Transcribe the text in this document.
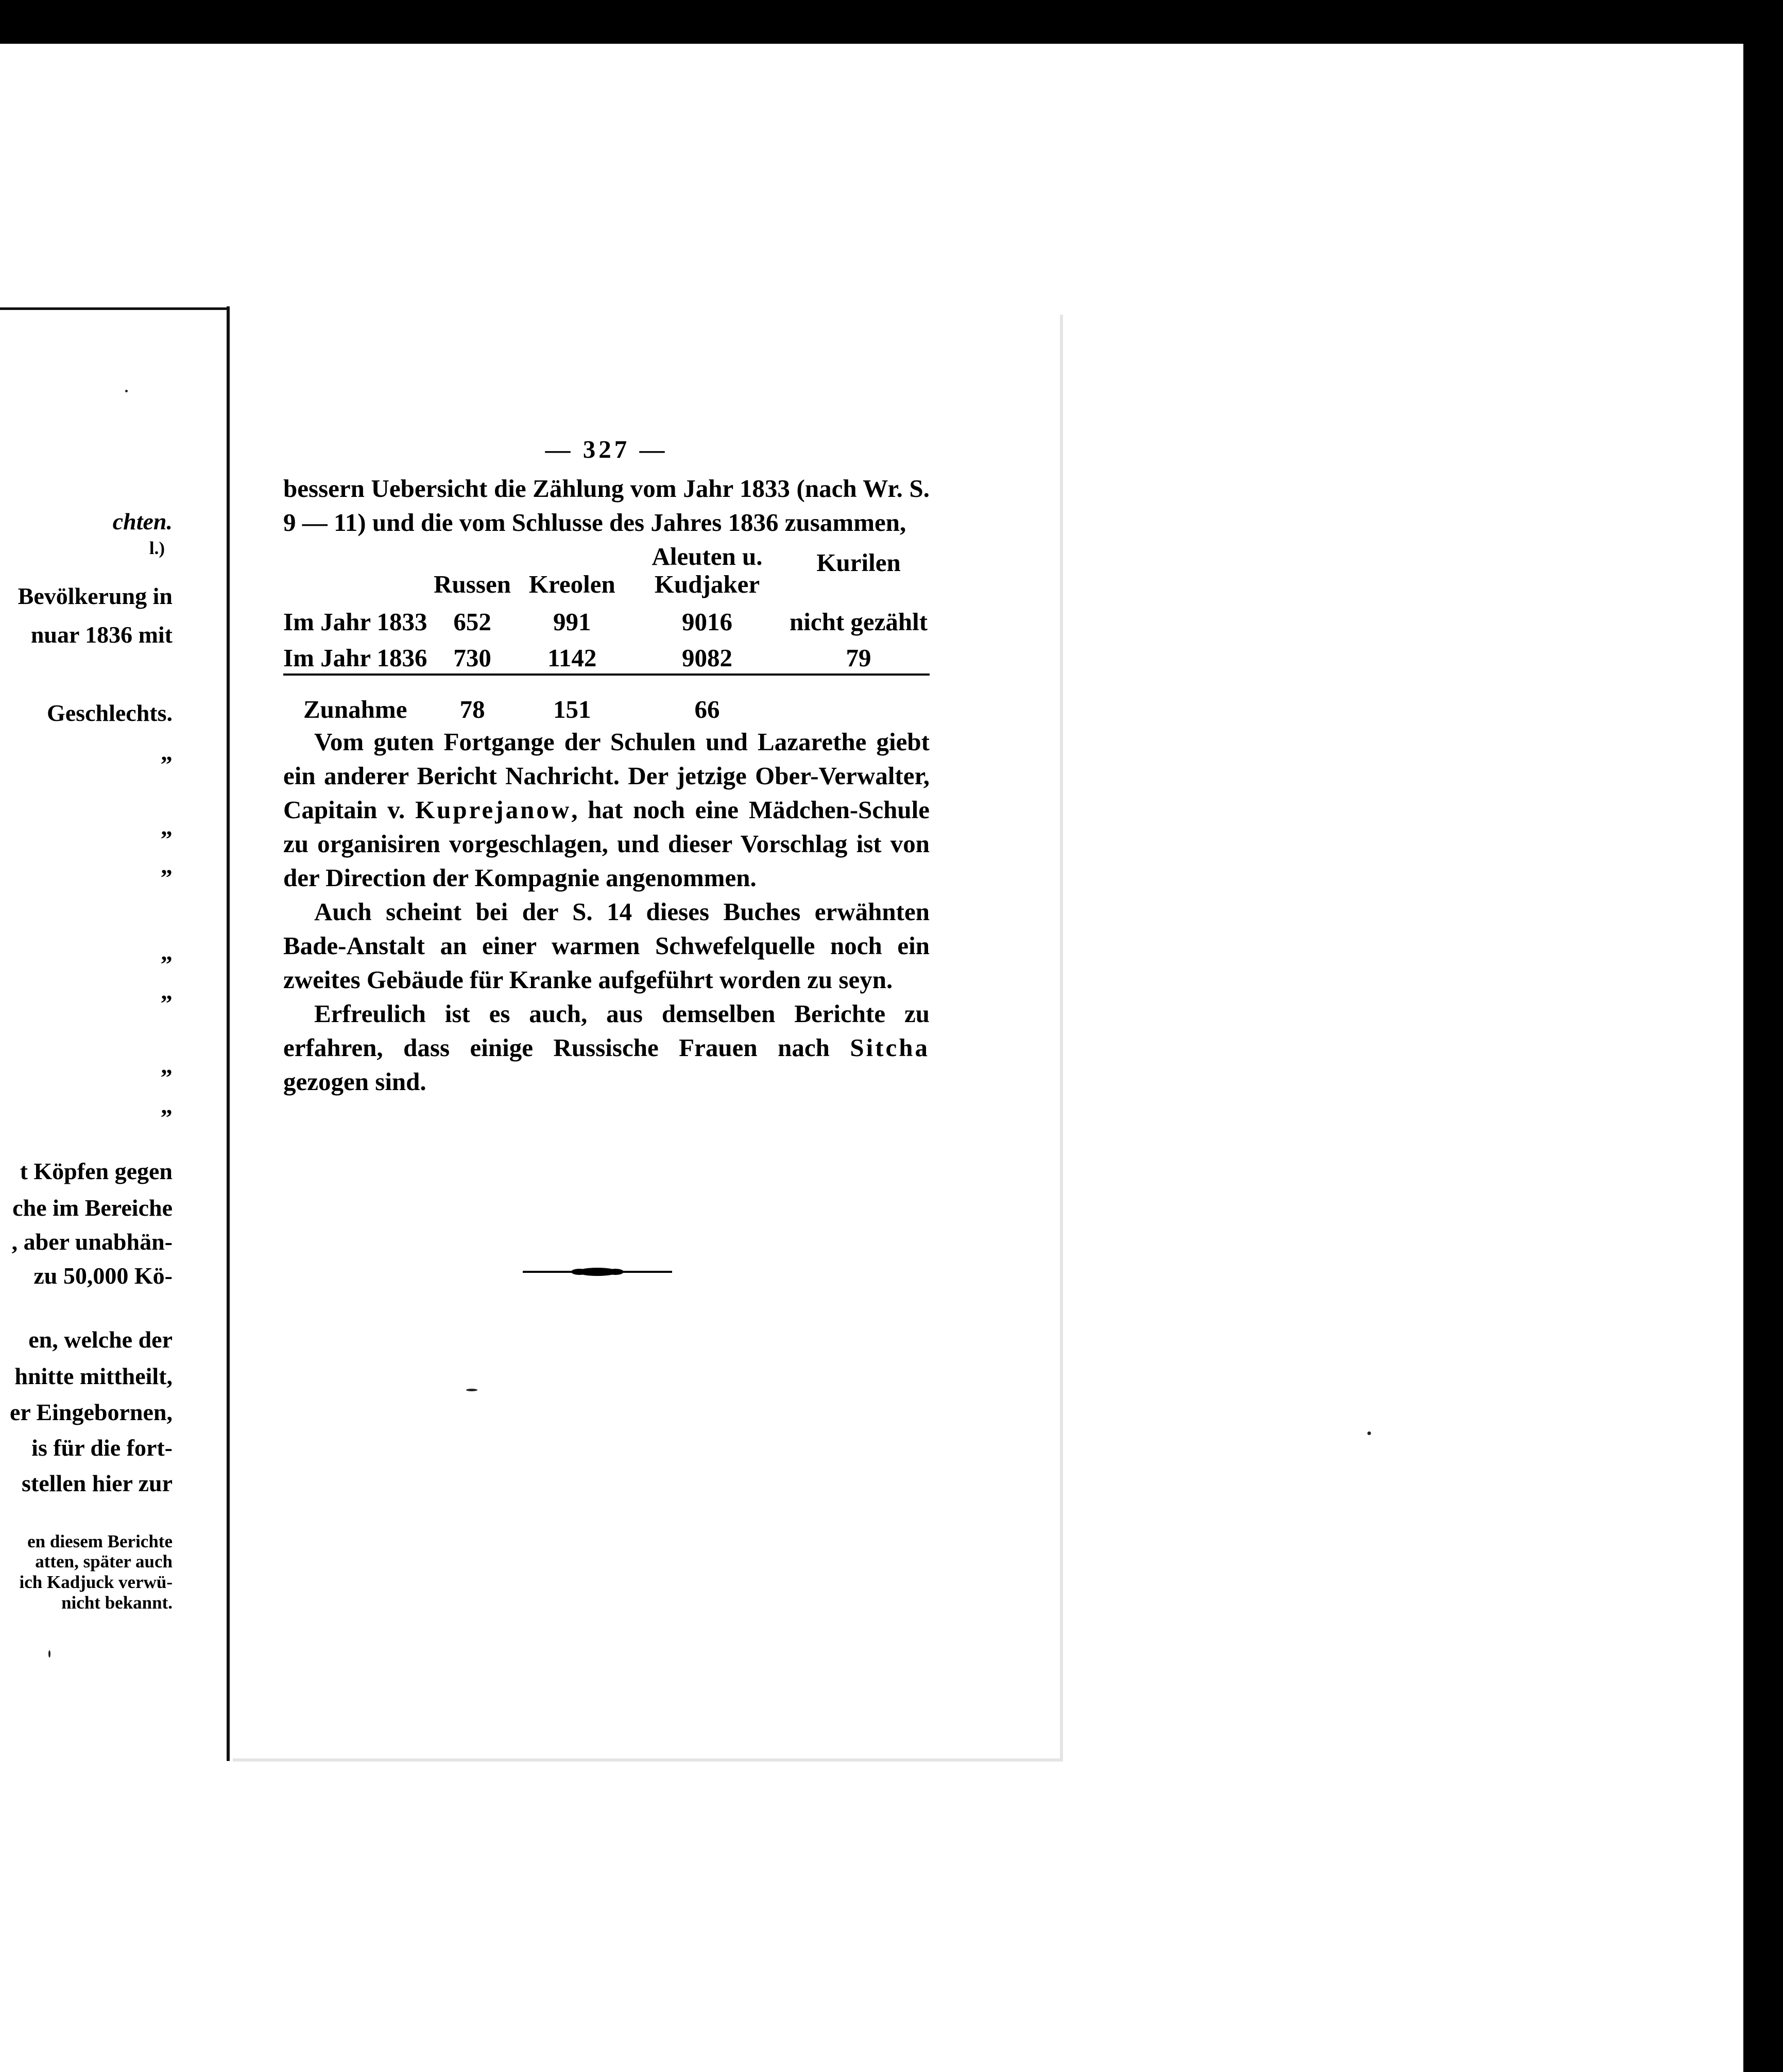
chten.
l.)
Bevölkerung in
nuar 1836 mit
Geschlechts.
„
„
„
„
„
„
„
t Köpfen gegen
che im Bereiche
, aber unabhän-
zu 50,000 Kö-
en, welche der
hnitte mittheilt,
er Eingebornen,
is für die fort-
stellen hier zur
en diesem Berichte
atten, später auch
ich Kadjuck verwü-
nicht bekannt.
— 327 —
bessern Uebersicht die Zählung vom Jahr 1833 (nach Wr. S. 9 — 11) und die vom Schlusse des Jahres 1836 zusammen,
	Russen	Kreolen	Aleuten u. Kudjaker	Kurilen
Im Jahr 1833	652	991	9016	nicht gezählt
Im Jahr 1836	730	1142	9082	79
Zunahme	78	151	66	
Vom guten Fortgange der Schulen und Lazarethe giebt ein anderer Bericht Nachricht. Der jetzige Ober-Verwalter, Capitain v. Kuprejanow, hat noch eine Mädchen-Schule zu organisiren vorgeschlagen, und dieser Vorschlag ist von der Direction der Kompagnie angenommen.
Auch scheint bei der S. 14 dieses Buches erwähnten Bade-Anstalt an einer warmen Schwefelquelle noch ein zweites Gebäude für Kranke aufgeführt worden zu seyn.
Erfreulich ist es auch, aus demselben Berichte zu erfahren, dass einige Russische Frauen nach Sitcha gezogen sind.
